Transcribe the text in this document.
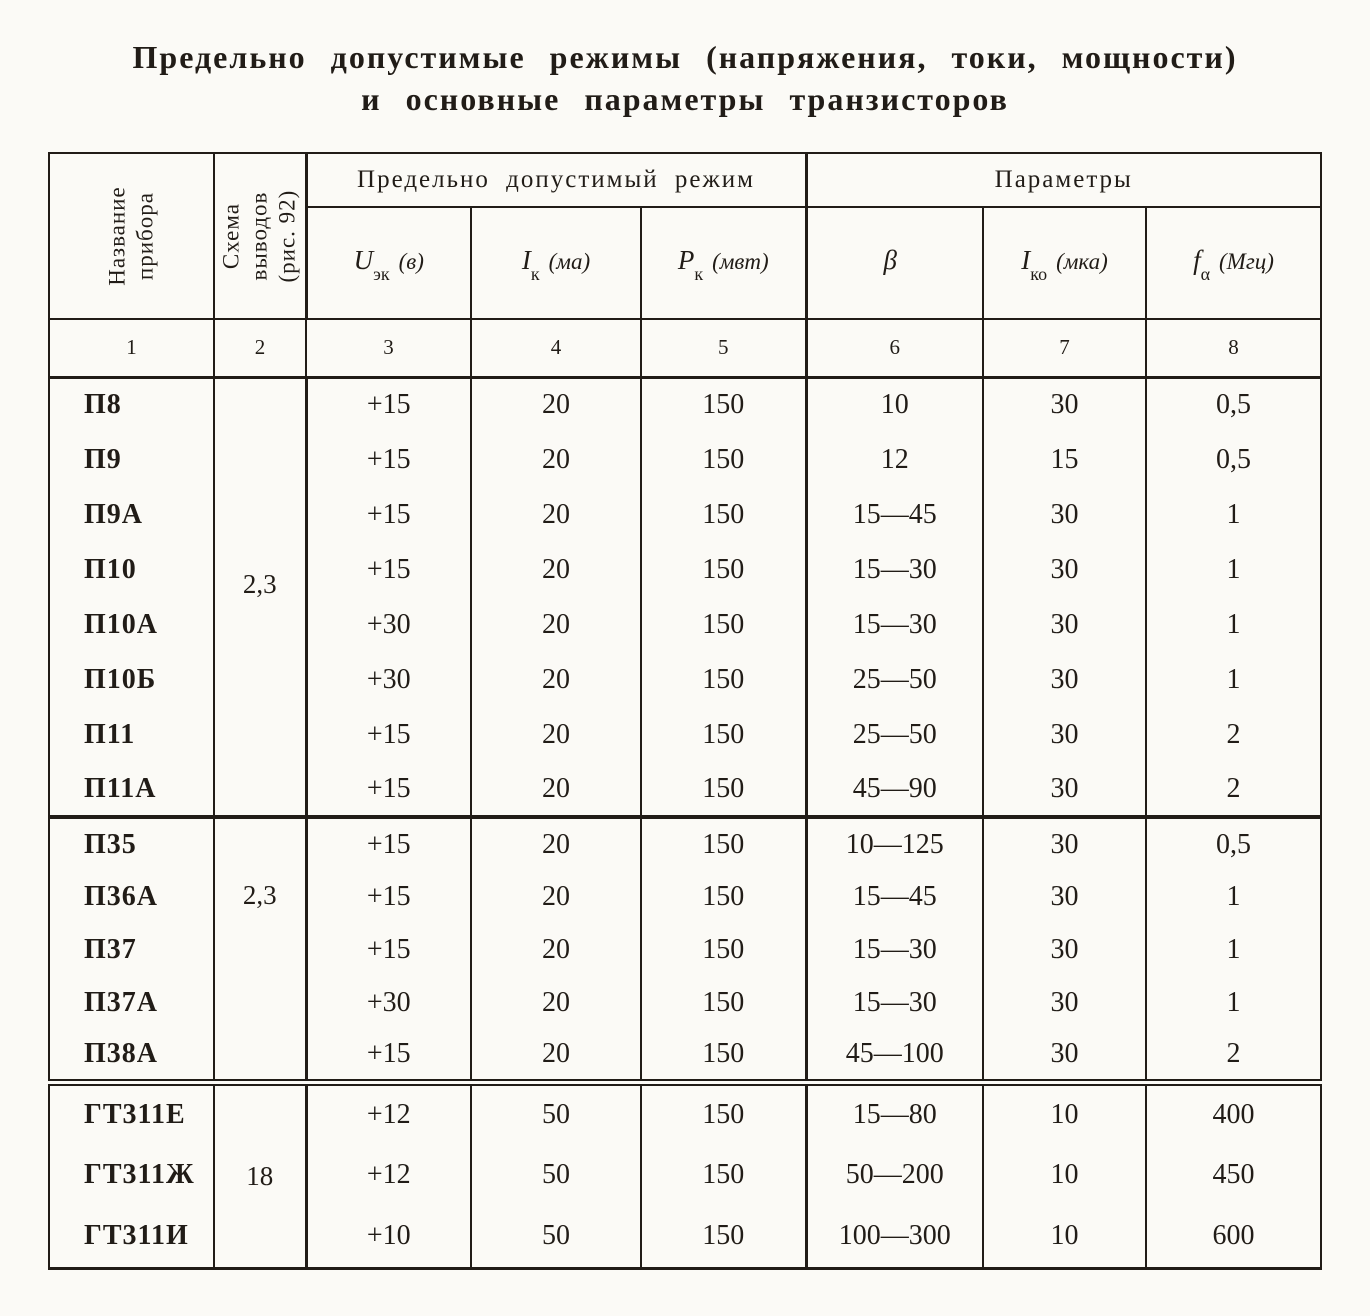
Предельно допустимые режимы (напряжения, токи, мощности)
и основные параметры транзисторов
Название прибора	Схема выводов (рис. 92)	Предельно допустимый режим			Параметры		
		$U_{эк}$ (в)	$I_к$ (ма)	$P_к$ (мвт)	β	$I_{ко}$ (мка)	$f_\alpha$ (Мгц)
1	2	3	4	5	6	7	8
П8	2,3	+15	20	150	10	30	0,5
П9		+15	20	150	12	15	0,5
П9А		+15	20	150	15—45	30	1
П10		+15	20	150	15—30	30	1
П10А		+30	20	150	15—30	30	1
П10Б		+30	20	150	25—50	30	1
П11		+15	20	150	25—50	30	2
П11А		+15	20	150	45—90	30	2
П35	2,3	+15	20	150	10—125	30	0,5
П36А		+15	20	150	15—45	30	1
П37		+15	20	150	15—30	30	1
П37А		+30	20	150	15—30	30	1
П38А		+15	20	150	45—100	30	2
ГТ311Е	18	+12	50	150	15—80	10	400
ГТ311Ж		+12	50	150	50—200	10	450
ГТ311И		+10	50	150	100—300	10	600
